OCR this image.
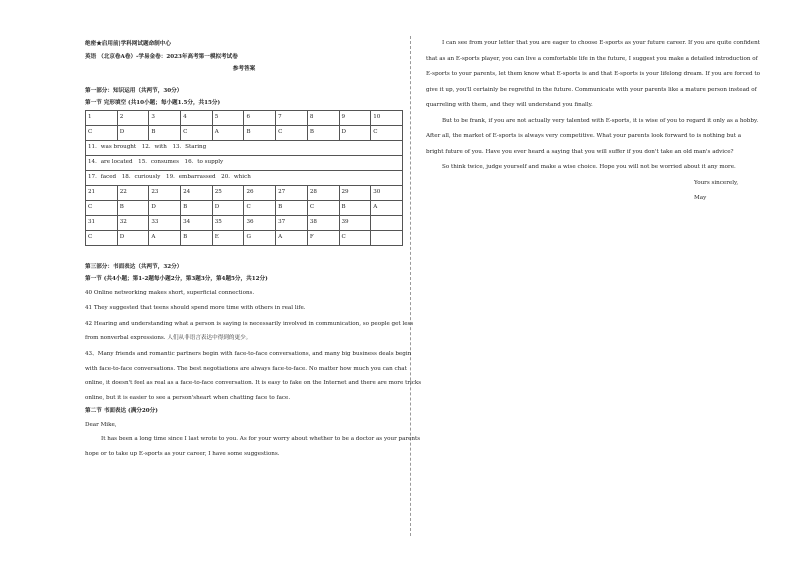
绝密★启用前|学科网试题命制中心

英语 （北京卷A卷）-学易金卷：2023年高考第一模拟考试卷

参考答案

第一部分：知识运用（共两节，30分）

第一节 完形填空 (共10小题；每小题1.5分，共15分)

1	2	3	4	5	6	7	8	9	10
C	D	B	C	A	B	C	B	D	C
11．was brought　12．with　13．Staring									
14．are located　15．consumes　16．to supply									
17．faced　18．curiously　19．embarrassed　20．which									
21	22	23	24	25	26	27	28	29	30
C	B	D	B	D	C	B	C	B	A
31	32	33	34	35	36	37	38	39	
C	D	A	B	E	G	A	F	C	

第三部分：书面表达（共两节，32分）

第一节 (共4小题；第1-2题每小题2分，第3题3分，第4题5分，共12分)

40 Online networking makes short, superficial connections.

41 They suggested that teens should spend more time with others in real life.

42 Hearing and understanding what a person is saying is necessarily involved in communication, so people get less

from nonverbal expressions. 人们从非语言表达中得到的更少。

43、Many friends and romantic partners begin with face-to-face conversations, and many big business deals begin

with face-to-face conversations. The best negotiations are always face-to-face. No matter how much you can chat

online, it doesn't feel as real as a face-to-face conversation. It is easy to fake on the Internet and there are more tricks

online, but it is easier to see a person'sheart when chatting face to face.

第二节 书面表达 (满分20分)

Dear Mike,

It has been a long time since I last wrote to you. As for your worry about whether to be a doctor as your parents

hope or to take up E-sports as your career, I have some suggestions.

I can see from your letter that you are eager to choose E-sports as your future career. If you are quite confident

that as an E-sports player, you can live a comfortable life in the future, I suggest you make a detailed introduction of

E-sports to your parents, let them know what E-sports is and that E-sports is your lifelong dream. If you are forced to

give it up, you'll certainly be regretful in the future. Communicate with your parents like a mature person instead of

quarreling with them, and they will understand you finally.

But to be frank, if you are not actually very talented with E-sports, it is wise of you to regard it only as a hobby.

After all, the market of E-sports is always very competitive. What your parents look forward to is nothing but a

bright future of you. Have you ever heard a saying that you will suffer if you don't take an old man's advice?

So think twice, judge yourself and make a wise choice. Hope you will not be worried about it any more.

Yours sincerely,

May
